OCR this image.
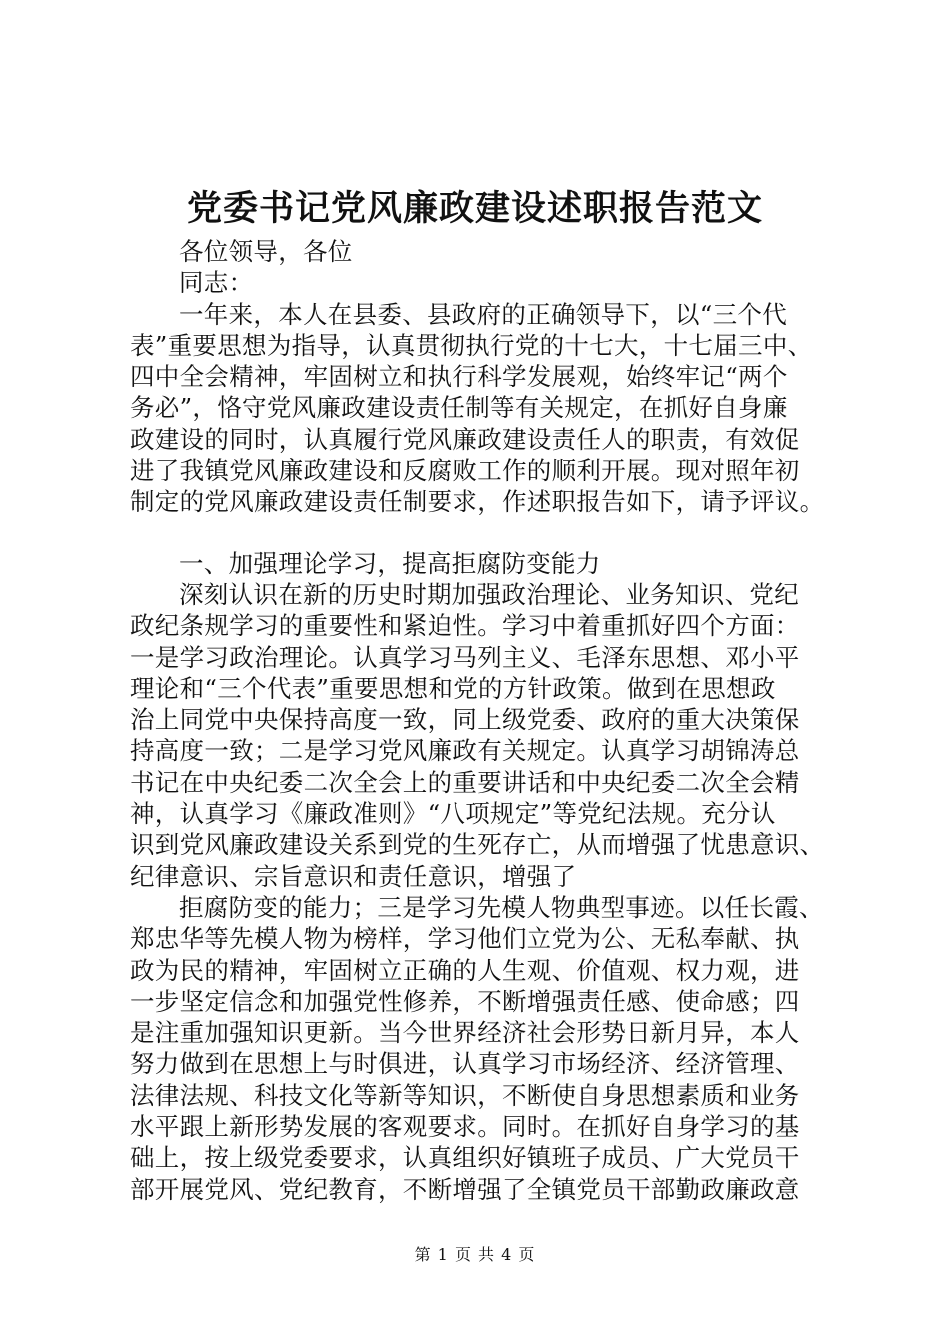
党委书记党风廉政建设述职报告范文
各位领导，各位
同志：
一年来，本人在县委、县政府的正确领导下，以“三个代
表”重要思想为指导，认真贯彻执行党的十七大，十七届三中、
四中全会精神，牢固树立和执行科学发展观，始终牢记“两个
务必”，恪守党风廉政建设责任制等有关规定，在抓好自身廉
政建设的同时，认真履行党风廉政建设责任人的职责，有效促
进了我镇党风廉政建设和反腐败工作的顺利开展。现对照年初
制定的党风廉政建设责任制要求，作述职报告如下，请予评议。
一、加强理论学习，提高拒腐防变能力
深刻认识在新的历史时期加强政治理论、业务知识、党纪
政纪条规学习的重要性和紧迫性。学习中着重抓好四个方面：
一是学习政治理论。认真学习马列主义、毛泽东思想、邓小平
理论和“三个代表”重要思想和党的方针政策。做到在思想政
治上同党中央保持高度一致，同上级党委、政府的重大决策保
持高度一致；二是学习党风廉政有关规定。认真学习胡锦涛总
书记在中央纪委二次全会上的重要讲话和中央纪委二次全会精
神，认真学习《廉政准则》“八项规定”等党纪法规。充分认
识到党风廉政建设关系到党的生死存亡，从而增强了忧患意识、
纪律意识、宗旨意识和责任意识，增强了
拒腐防变的能力；三是学习先模人物典型事迹。以任长霞、
郑忠华等先模人物为榜样，学习他们立党为公、无私奉献、执
政为民的精神，牢固树立正确的人生观、价值观、权力观，进
一步坚定信念和加强党性修养，不断增强责任感、使命感；四
是注重加强知识更新。当今世界经济社会形势日新月异，本人
努力做到在思想上与时俱进，认真学习市场经济、经济管理、
法律法规、科技文化等新等知识，不断使自身思想素质和业务
水平跟上新形势发展的客观要求。同时。在抓好自身学习的基
础上，按上级党委要求，认真组织好镇班子成员、广大党员干
部开展党风、党纪教育，不断增强了全镇党员干部勤政廉政意
第 1 页 共 4 页
